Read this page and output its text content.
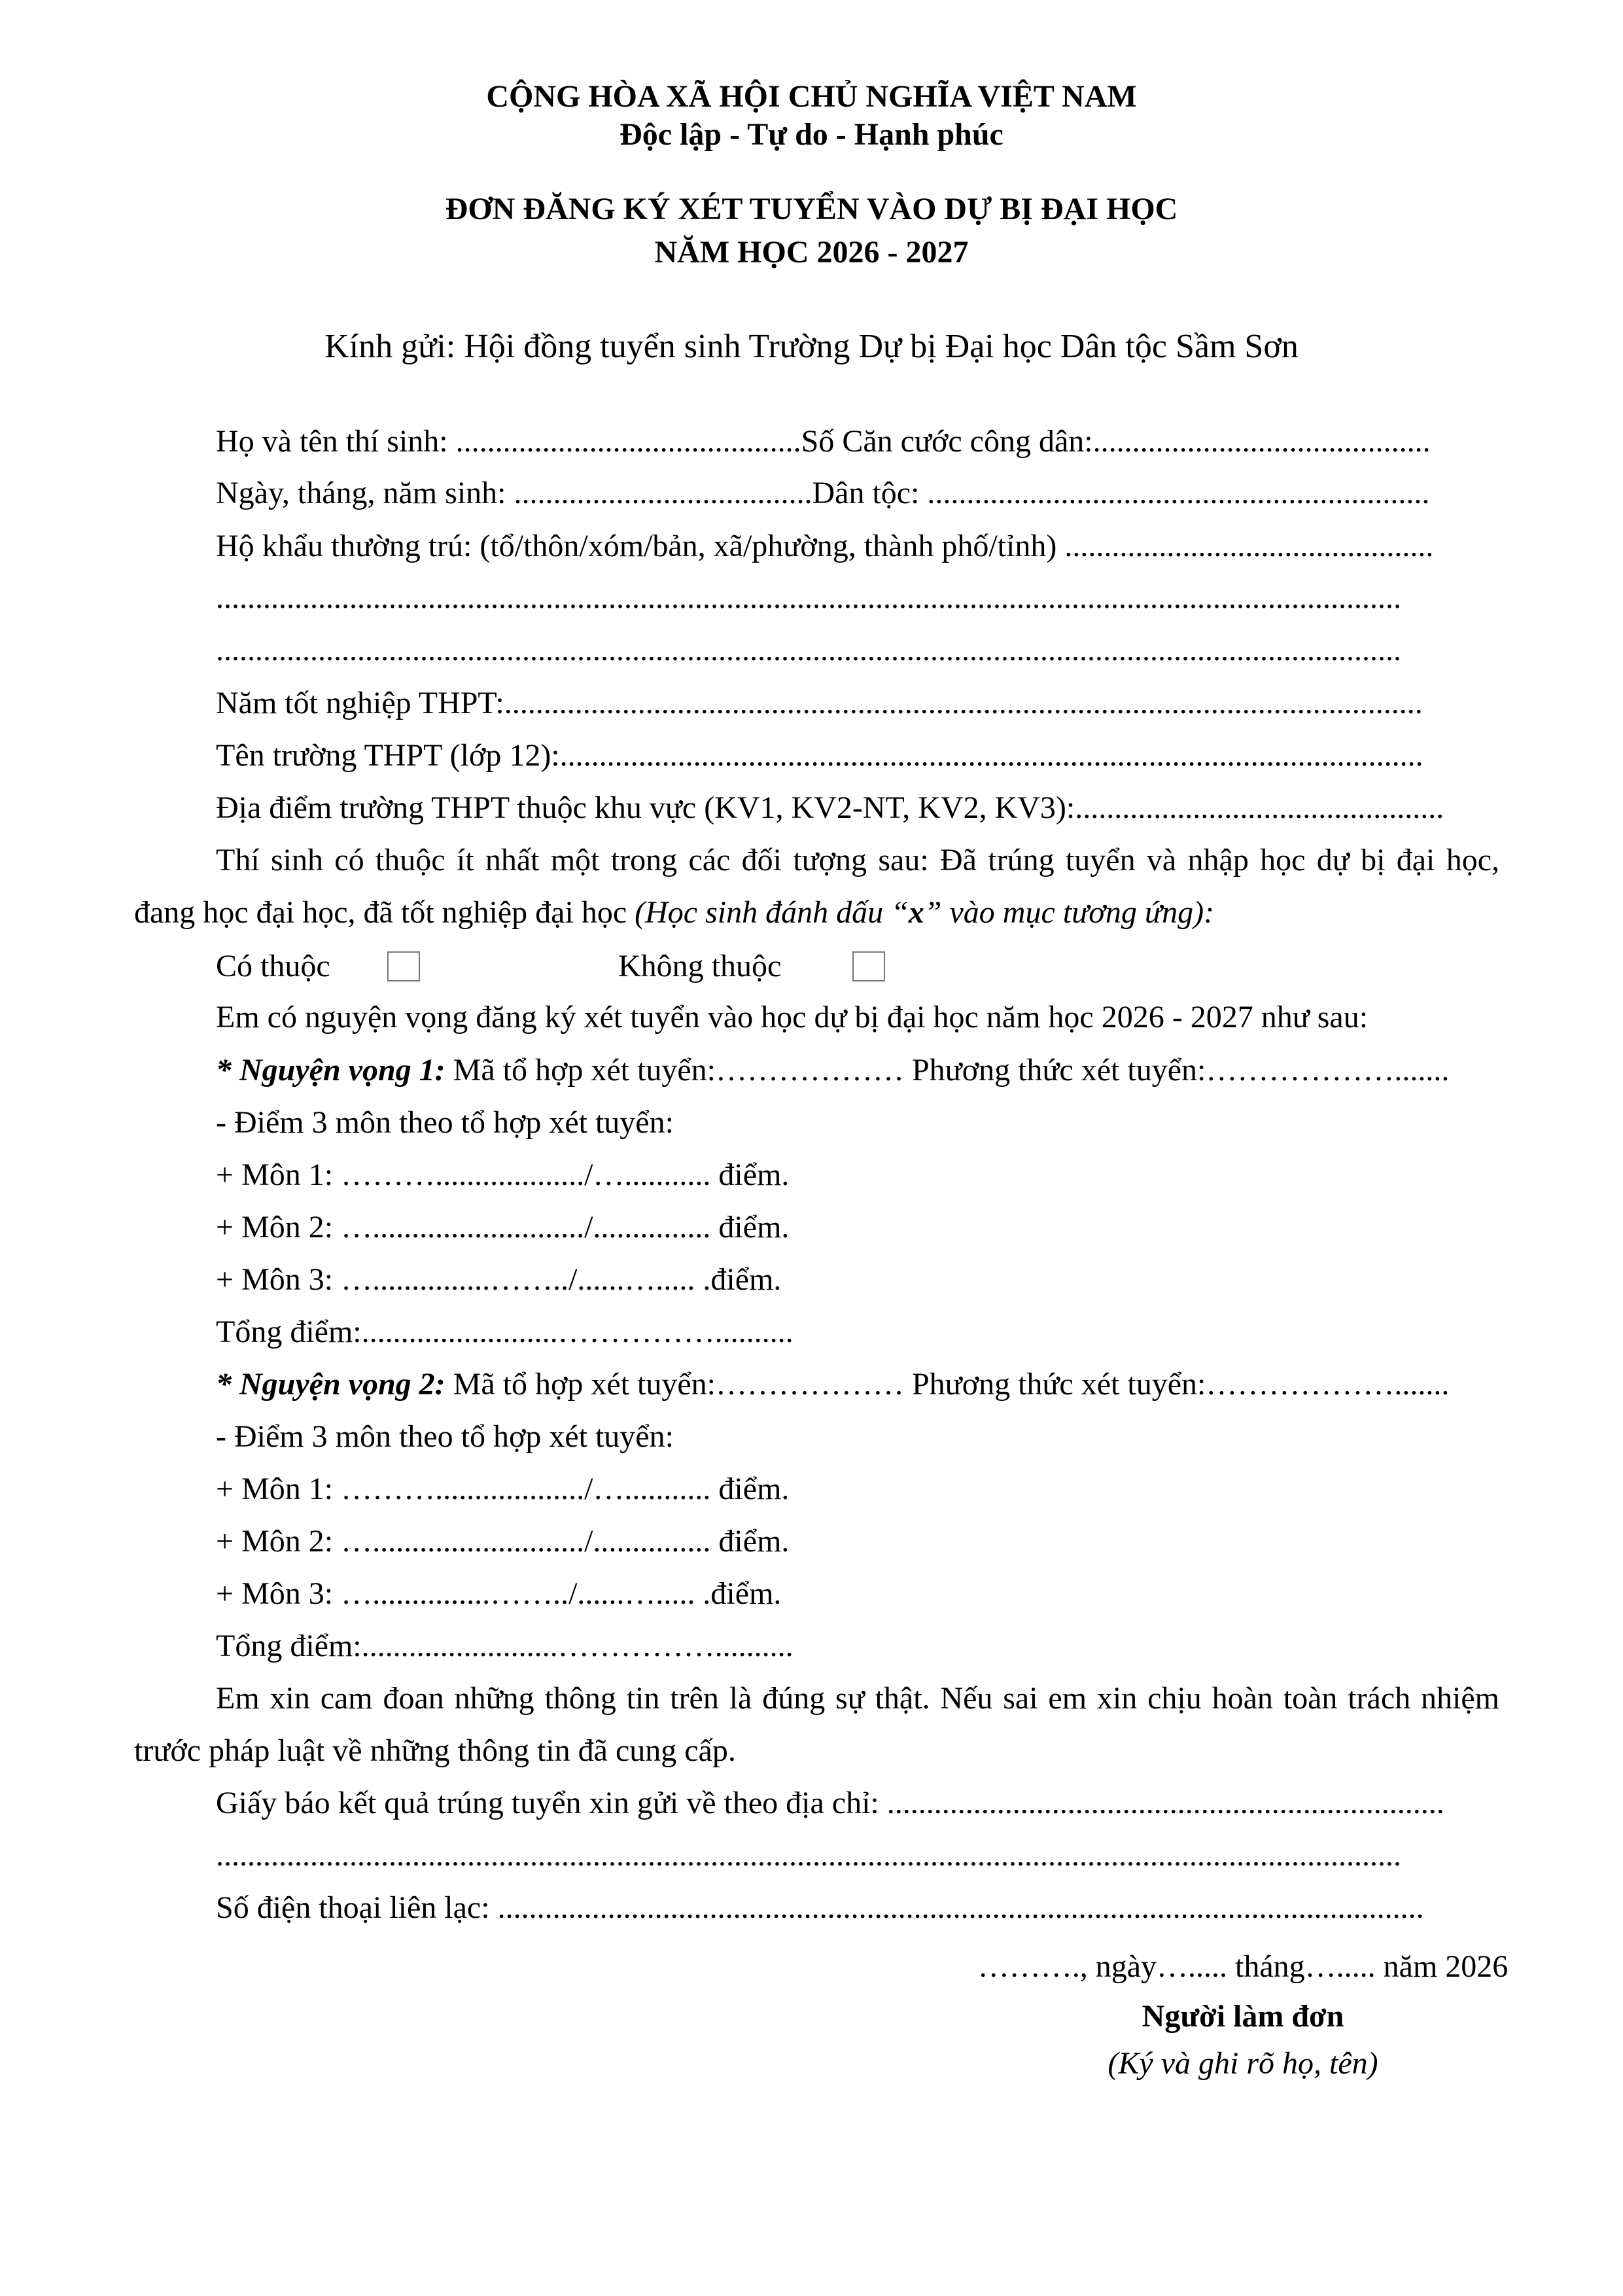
CỘNG HÒA XÃ HỘI CHỦ NGHĨA VIỆT NAM
Độc lập - Tự do - Hạnh phúc
ĐƠN ĐĂNG KÝ XÉT TUYỂN VÀO DỰ BỊ ĐẠI HỌC
NĂM HỌC 2026 - 2027
Kính gửi: Hội đồng tuyển sinh Trường Dự bị Đại học Dân tộc Sầm Sơn
Họ và tên thí sinh: ............................................Số Căn cước công dân:...........................................
Ngày, tháng, năm sinh: ......................................Dân tộc: ................................................................
Hộ khẩu thường trú: (tổ/thôn/xóm/bản, xã/phường, thành phố/tỉnh) ...............................................
.......................................................................................................................................................
.......................................................................................................................................................
Năm tốt nghiệp THPT:.....................................................................................................................
Tên trường THPT (lớp 12):..............................................................................................................
Địa điểm trường THPT thuộc khu vực (KV1, KV2-NT, KV2, KV3):...............................................
Thí sinh có thuộc ít nhất một trong các đối tượng sau: Đã trúng tuyển và nhập học dự bị đại học,
đang học đại học, đã tốt nghiệp đại học (Học sinh đánh dấu “x” vào mục tương ứng):
Có thuộc	Không thuộc
Em có nguyện vọng đăng ký xét tuyển vào học dự bị đại học năm học 2026 - 2027 như sau:
* Nguyện vọng 1: Mã tổ hợp xét tuyển:……………… Phương thức xét tuyển:……………….......
- Điểm 3 môn theo tổ hợp xét tuyển:
+ Môn 1: ……….................../…........... điểm.
+ Môn 2: ….........................../............... điểm.
+ Môn 3: …...............……../......…..... .điểm.
Tổng điểm:.........................……………..........
* Nguyện vọng 2: Mã tổ hợp xét tuyển:……………… Phương thức xét tuyển:……………….......
- Điểm 3 môn theo tổ hợp xét tuyển:
+ Môn 1: ……….................../…........... điểm.
+ Môn 2: ….........................../............... điểm.
+ Môn 3: …...............……../......…..... .điểm.
Tổng điểm:.........................……………..........
Em xin cam đoan những thông tin trên là đúng sự thật. Nếu sai em xin chịu hoàn toàn trách nhiệm
trước pháp luật về những thông tin đã cung cấp.
Giấy báo kết quả trúng tuyển xin gửi về theo địa chỉ: .......................................................................
.......................................................................................................................................................
Số điện thoại liên lạc: ......................................................................................................................
………., ngày…..... tháng…..... năm 2026
Người làm đơn
(Ký và ghi rõ họ, tên)
